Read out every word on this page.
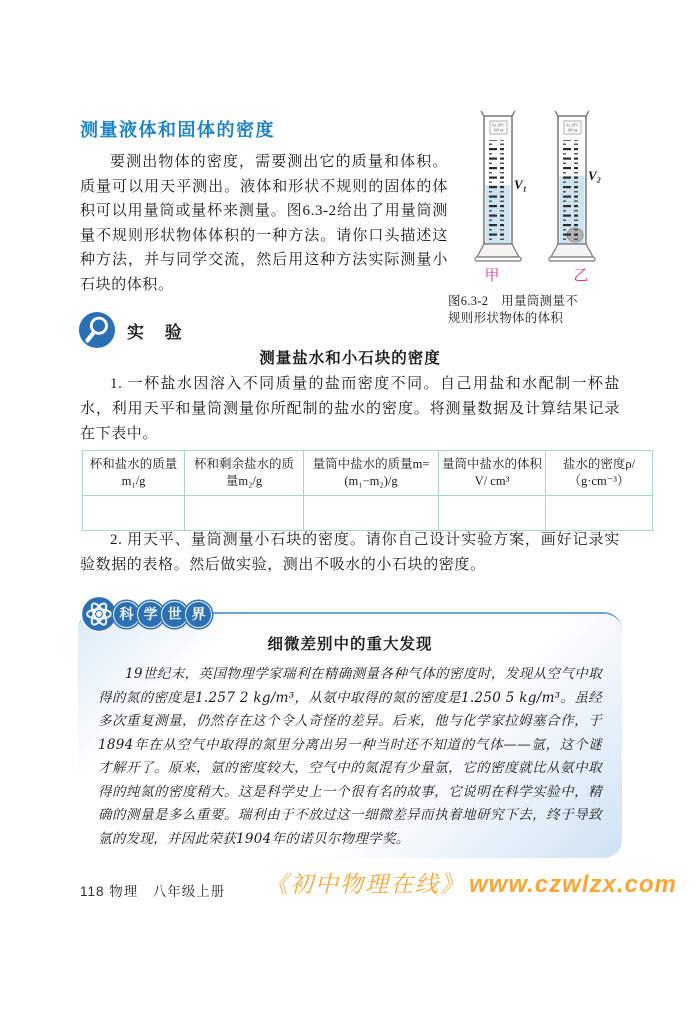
测量液体和固体的密度
要测出物体的密度，需要测出它的质量和体积。质量可以用天平测出。液体和形状不规则的固体的体积可以用量筒或量杯来测量。图6.3-2给出了用量筒测量不规则形状物体体积的一种方法。请你口头描述这种方法，并与同学交流，然后用这种方法实际测量小石块的体积。
Ex 20°C
100 ml
V₁
Ex 20°C
100 ml
V₂
甲	乙
图6.3-2　用量筒测量不
规则形状物体的体积
实 验
测量盐水和小石块的密度
1. 一杯盐水因溶入不同质量的盐而密度不同。自己用盐和水配制一杯盐水，利用天平和量筒测量你所配制的盐水的密度。将测量数据及计算结果记录在下表中。
杯和盐水的质量m₁/g	杯和剩余盐水的质量m₂/g	量筒中盐水的质量m=(m₁−m₂)/g	量筒中盐水的体积V/ cm³	盐水的密度ρ/（g·cm⁻³）

2. 用天平、量筒测量小石块的密度。请你自己设计实验方案，画好记录实验数据的表格。然后做实验，测出不吸水的小石块的密度。
科 学 世 界
细微差别中的重大发现
19世纪末，英国物理学家瑞利在精确测量各种气体的密度时，发现从空气中取得的氮的密度是1.257 2 kg/m³，从氨中取得的氮的密度是1.250 5 kg/m³。虽经多次重复测量，仍然存在这个令人奇怪的差异。后来，他与化学家拉姆塞合作，于1894年在从空气中取得的氮里分离出另一种当时还不知道的气体——氩，这个谜才解开了。原来，氩的密度较大，空气中的氮混有少量氩，它的密度就比从氨中取得的纯氮的密度稍大。这是科学史上一个很有名的故事，它说明在科学实验中，精确的测量是多么重要。瑞利由于不放过这一细微差异而执着地研究下去，终于导致氩的发现，并因此荣获1904年的诺贝尔物理学奖。
118 物理　八年级上册 《初中物理在线》 www.czwlzx.com
